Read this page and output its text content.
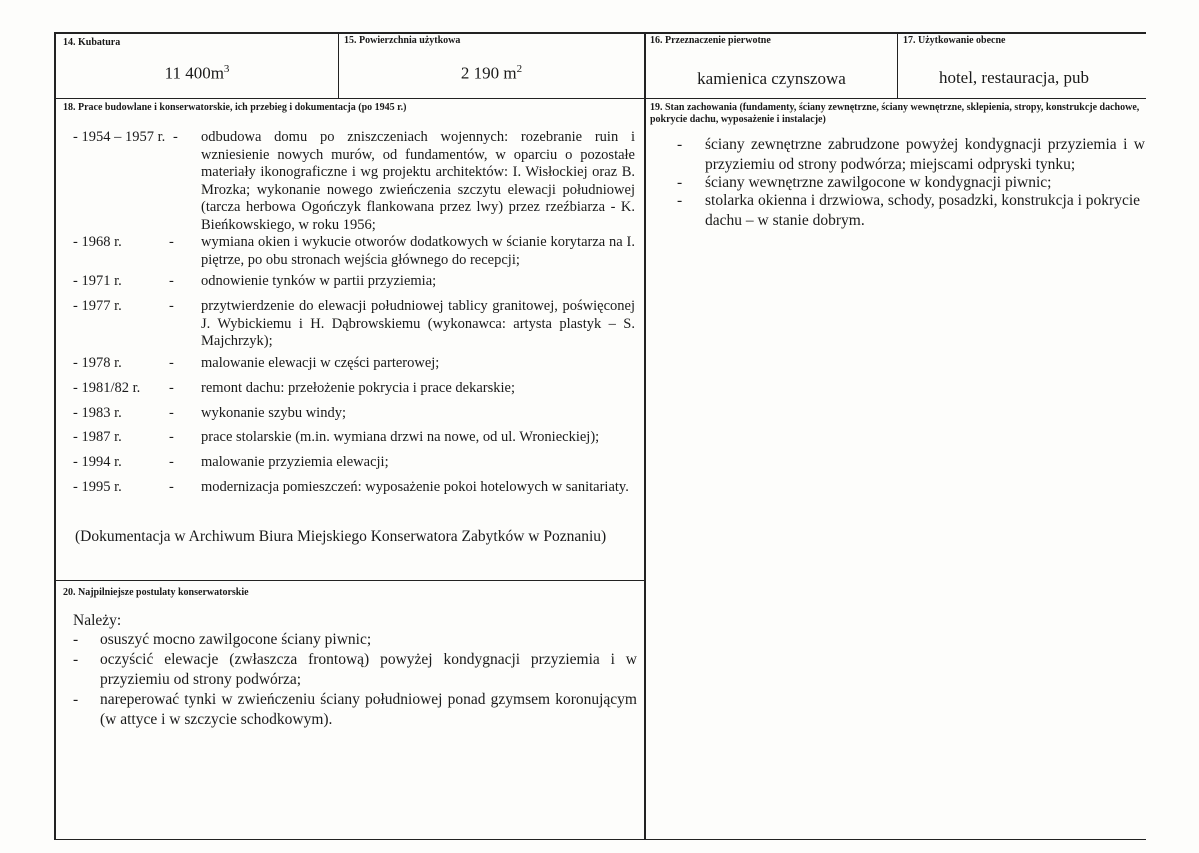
14. Kubatura
11 $400m^3$
15. Powierzchnia użytkowa
2 190 $m^2$
16. Przeznaczenie pierwotne
kamienica czynszowa
17. Użytkowanie obecne
hotel, restauracja, pub
18. Prace budowlane i konserwatorskie, ich przebieg i dokumentacja (po 1945 r.)
- 1954 – 1957 r. - odbudowa domu po zniszczeniach wojennych: rozebranie ruin i wzniesienie nowych murów, od fundamentów, w oparciu o pozostałe materiały ikonograficzne i wg projektu architektów: I. Wisłockiej oraz B. Mrozka; wykonanie nowego zwieńczenia szczytu elewacji południowej (tarcza herbowa Ogończyk flankowana przez lwy) przez rzeźbiarza - K. Bieńkowskiego, w roku 1956;
- 1968 r.	- wymiana okien i wykucie otworów dodatkowych w ścianie korytarza na I. piętrze, po obu stronach wejścia głównego do recepcji;
- 1971 r.	- odnowienie tynków w partii przyziemia;
- 1977 r.	- przytwierdzenie do elewacji południowej tablicy granitowej, poświęconej J. Wybickiemu i H. Dąbrowskiemu (wykonawca: artysta plastyk – S. Majchrzyk);
- 1978 r.	- malowanie elewacji w części parterowej;
- 1981/82 r. - remont dachu: przełożenie pokrycia i prace dekarskie;
- 1983 r.	- wykonanie szybu windy;
- 1987 r.	- prace stolarskie (m.in. wymiana drzwi na nowe, od ul. Wronieckiej);
- 1994 r.	- malowanie przyziemia elewacji;
- 1995 r.	- modernizacja pomieszczeń: wyposażenie pokoi hotelowych w sanitariaty.
(Dokumentacja w Archiwum Biura Miejskiego Konserwatora Zabytków w Poznaniu)
19. Stan zachowania (fundamenty, ściany zewnętrzne, ściany wewnętrzne, sklepienia, stropy, konstrukcje dachowe, pokrycie dachu, wyposażenie i instalacje)
- ściany zewnętrzne zabrudzone powyżej kondygnacji przyziemia i w przyziemiu od strony podwórza; miejscami odpryski tynku;
- ściany wewnętrzne zawilgocone w kondygnacji piwnic;
- stolarka okienna i drzwiowa, schody, posadzki, konstrukcja i pokrycie dachu – w stanie dobrym.
20. Najpilniejsze postulaty konserwatorskie
Należy:
- osuszyć mocno zawilgocone ściany piwnic;
- oczyścić elewacje (zwłaszcza frontową) powyżej kondygnacji przyziemia i w przyziemiu od strony podwórza;
- nareperować tynki w zwieńczeniu ściany południowej ponad gzymsem koronującym (w attyce i w szczycie schodkowym).
